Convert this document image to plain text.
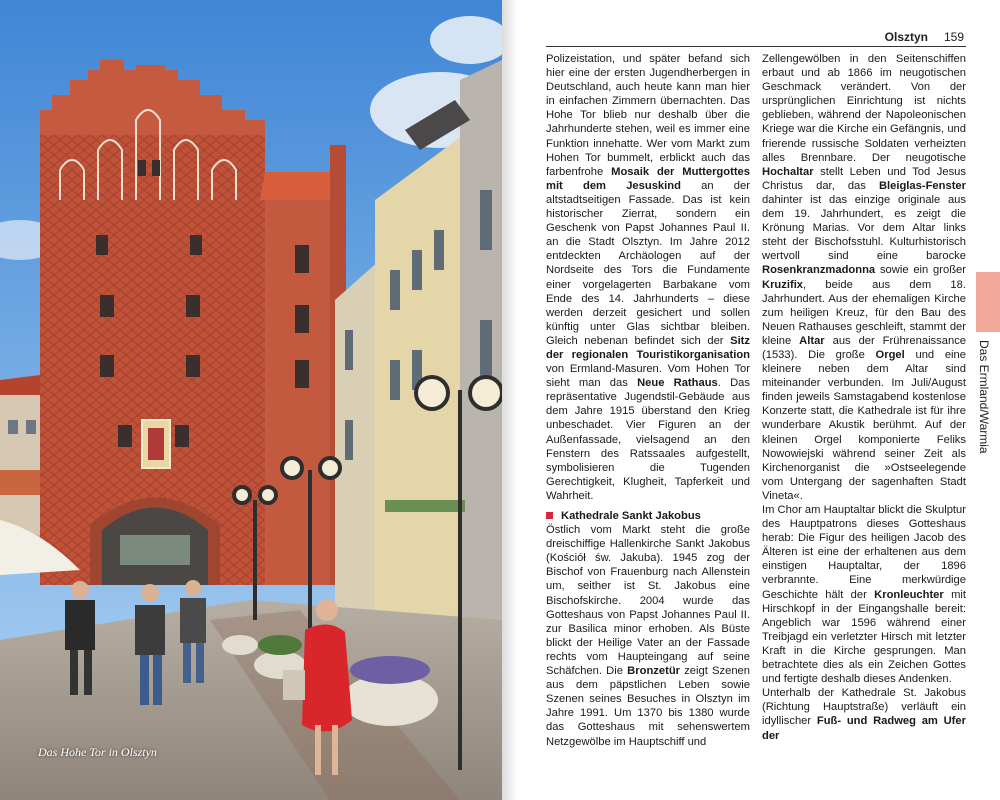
Das Hohe Tor in Olsztyn
Olsztyn 159

Polizeistation, und später befand sich hier eine der ersten Jugendherbergen in Deutschland, auch heute kann man hier in einfachen Zimmern übernachten. Das Hohe Tor blieb nur deshalb über die Jahrhunderte stehen, weil es immer eine Funktion innehatte. Wer vom Markt zum Hohen Tor bummelt, erblickt auch das farbenfrohe Mosaik der Muttergottes mit dem Jesuskind an der altstadtseitigen Fassade. Das ist kein historischer Zierrat, sondern ein Geschenk von Papst Johannes Paul II. an die Stadt Olsztyn. Im Jahre 2012 entdeckten Archäologen auf der Nordseite des Tors die Fundamente einer vorgelagerten Barbakane vom Ende des 14. Jahrhunderts – diese werden derzeit gesichert und sollen künftig unter Glas sichtbar bleiben. Gleich nebenan befindet sich der Sitz der regionalen Touristikorganisation von Ermland-Masuren. Vom Hohen Tor sieht man das Neue Rathaus. Das repräsentative Jugendstil-Gebäude aus dem Jahre 1915 überstand den Krieg unbeschadet. Vier Figuren an der Außenfassade, vielsagend an den Fenstern des Ratssaales aufgestellt, symbolisieren die Tugenden Gerechtigkeit, Klugheit, Tapferkeit und Wahrheit.

Kathedrale Sankt Jakobus

Östlich vom Markt steht die große dreischiffige Hallenkirche Sankt Jakobus (Kościół św. Jakuba). 1945 zog der Bischof von Frauenburg nach Allenstein um, seither ist St. Jakobus eine Bischofskirche. 2004 wurde das Gotteshaus von Papst Johannes Paul II. zur Basilica minor erhoben. Als Büste blickt der Heilige Vater an der Fassade rechts vom Haupteingang auf seine Schäfchen. Die Bronzetür zeigt Szenen aus dem päpstlichen Leben sowie Szenen seines Besuches in Olsztyn im Jahre 1991. Um 1370 bis 1380 wurde das Gotteshaus mit sehenswertem Netzgewölbe im Hauptschiff und

Zellengewölben in den Seitenschiffen erbaut und ab 1866 im neugotischen Geschmack verändert. Von der ursprünglichen Einrichtung ist nichts geblieben, während der Napoleonischen Kriege war die Kirche ein Gefängnis, und frierende russische Soldaten verheizten alles Brennbare. Der neugotische Hochaltar stellt Leben und Tod Jesus Christus dar, das Bleiglas-Fenster dahinter ist das einzige originale aus dem 19. Jahrhundert, es zeigt die Krönung Marias. Vor dem Altar links steht der Bischofsstuhl. Kulturhistorisch wertvoll sind eine barocke Rosenkranzmadonna sowie ein großer Kruzifix, beide aus dem 18. Jahrhundert. Aus der ehemaligen Kirche zum heiligen Kreuz, für den Bau des Neuen Rathauses geschleift, stammt der kleine Altar aus der Frührenaissance (1533). Die große Orgel und eine kleinere neben dem Altar sind miteinander verbunden. Im Juli/August finden jeweils Samstagabend kostenlose Konzerte statt, die Kathedrale ist für ihre wunderbare Akustik berühmt. Auf der kleinen Orgel komponierte Feliks Nowowiejski während seiner Zeit als Kirchenorganist die »Ostseelegende vom Untergang der sagenhaften Stadt Vineta«.

Im Chor am Hauptaltar blickt die Skulptur des Hauptpatrons dieses Gotteshaus herab: Die Figur des heiligen Jacob des Älteren ist eine der erhaltenen aus dem einstigen Hauptaltar, der 1896 verbrannte. Eine merkwürdige Geschichte hält der Kronleuchter mit Hirschkopf in der Eingangshalle bereit: Angeblich war 1596 während einer Treibjagd ein verletzter Hirsch mit letzter Kraft in die Kirche gesprungen. Man betrachtete dies als ein Zeichen Gottes und fertigte deshalb dieses Andenken.

Unterhalb der Kathedrale St. Jakobus (Richtung Hauptstraße) verläuft ein idyllischer Fuß- und Radweg am Ufer der

Das Ermland/Warmia
